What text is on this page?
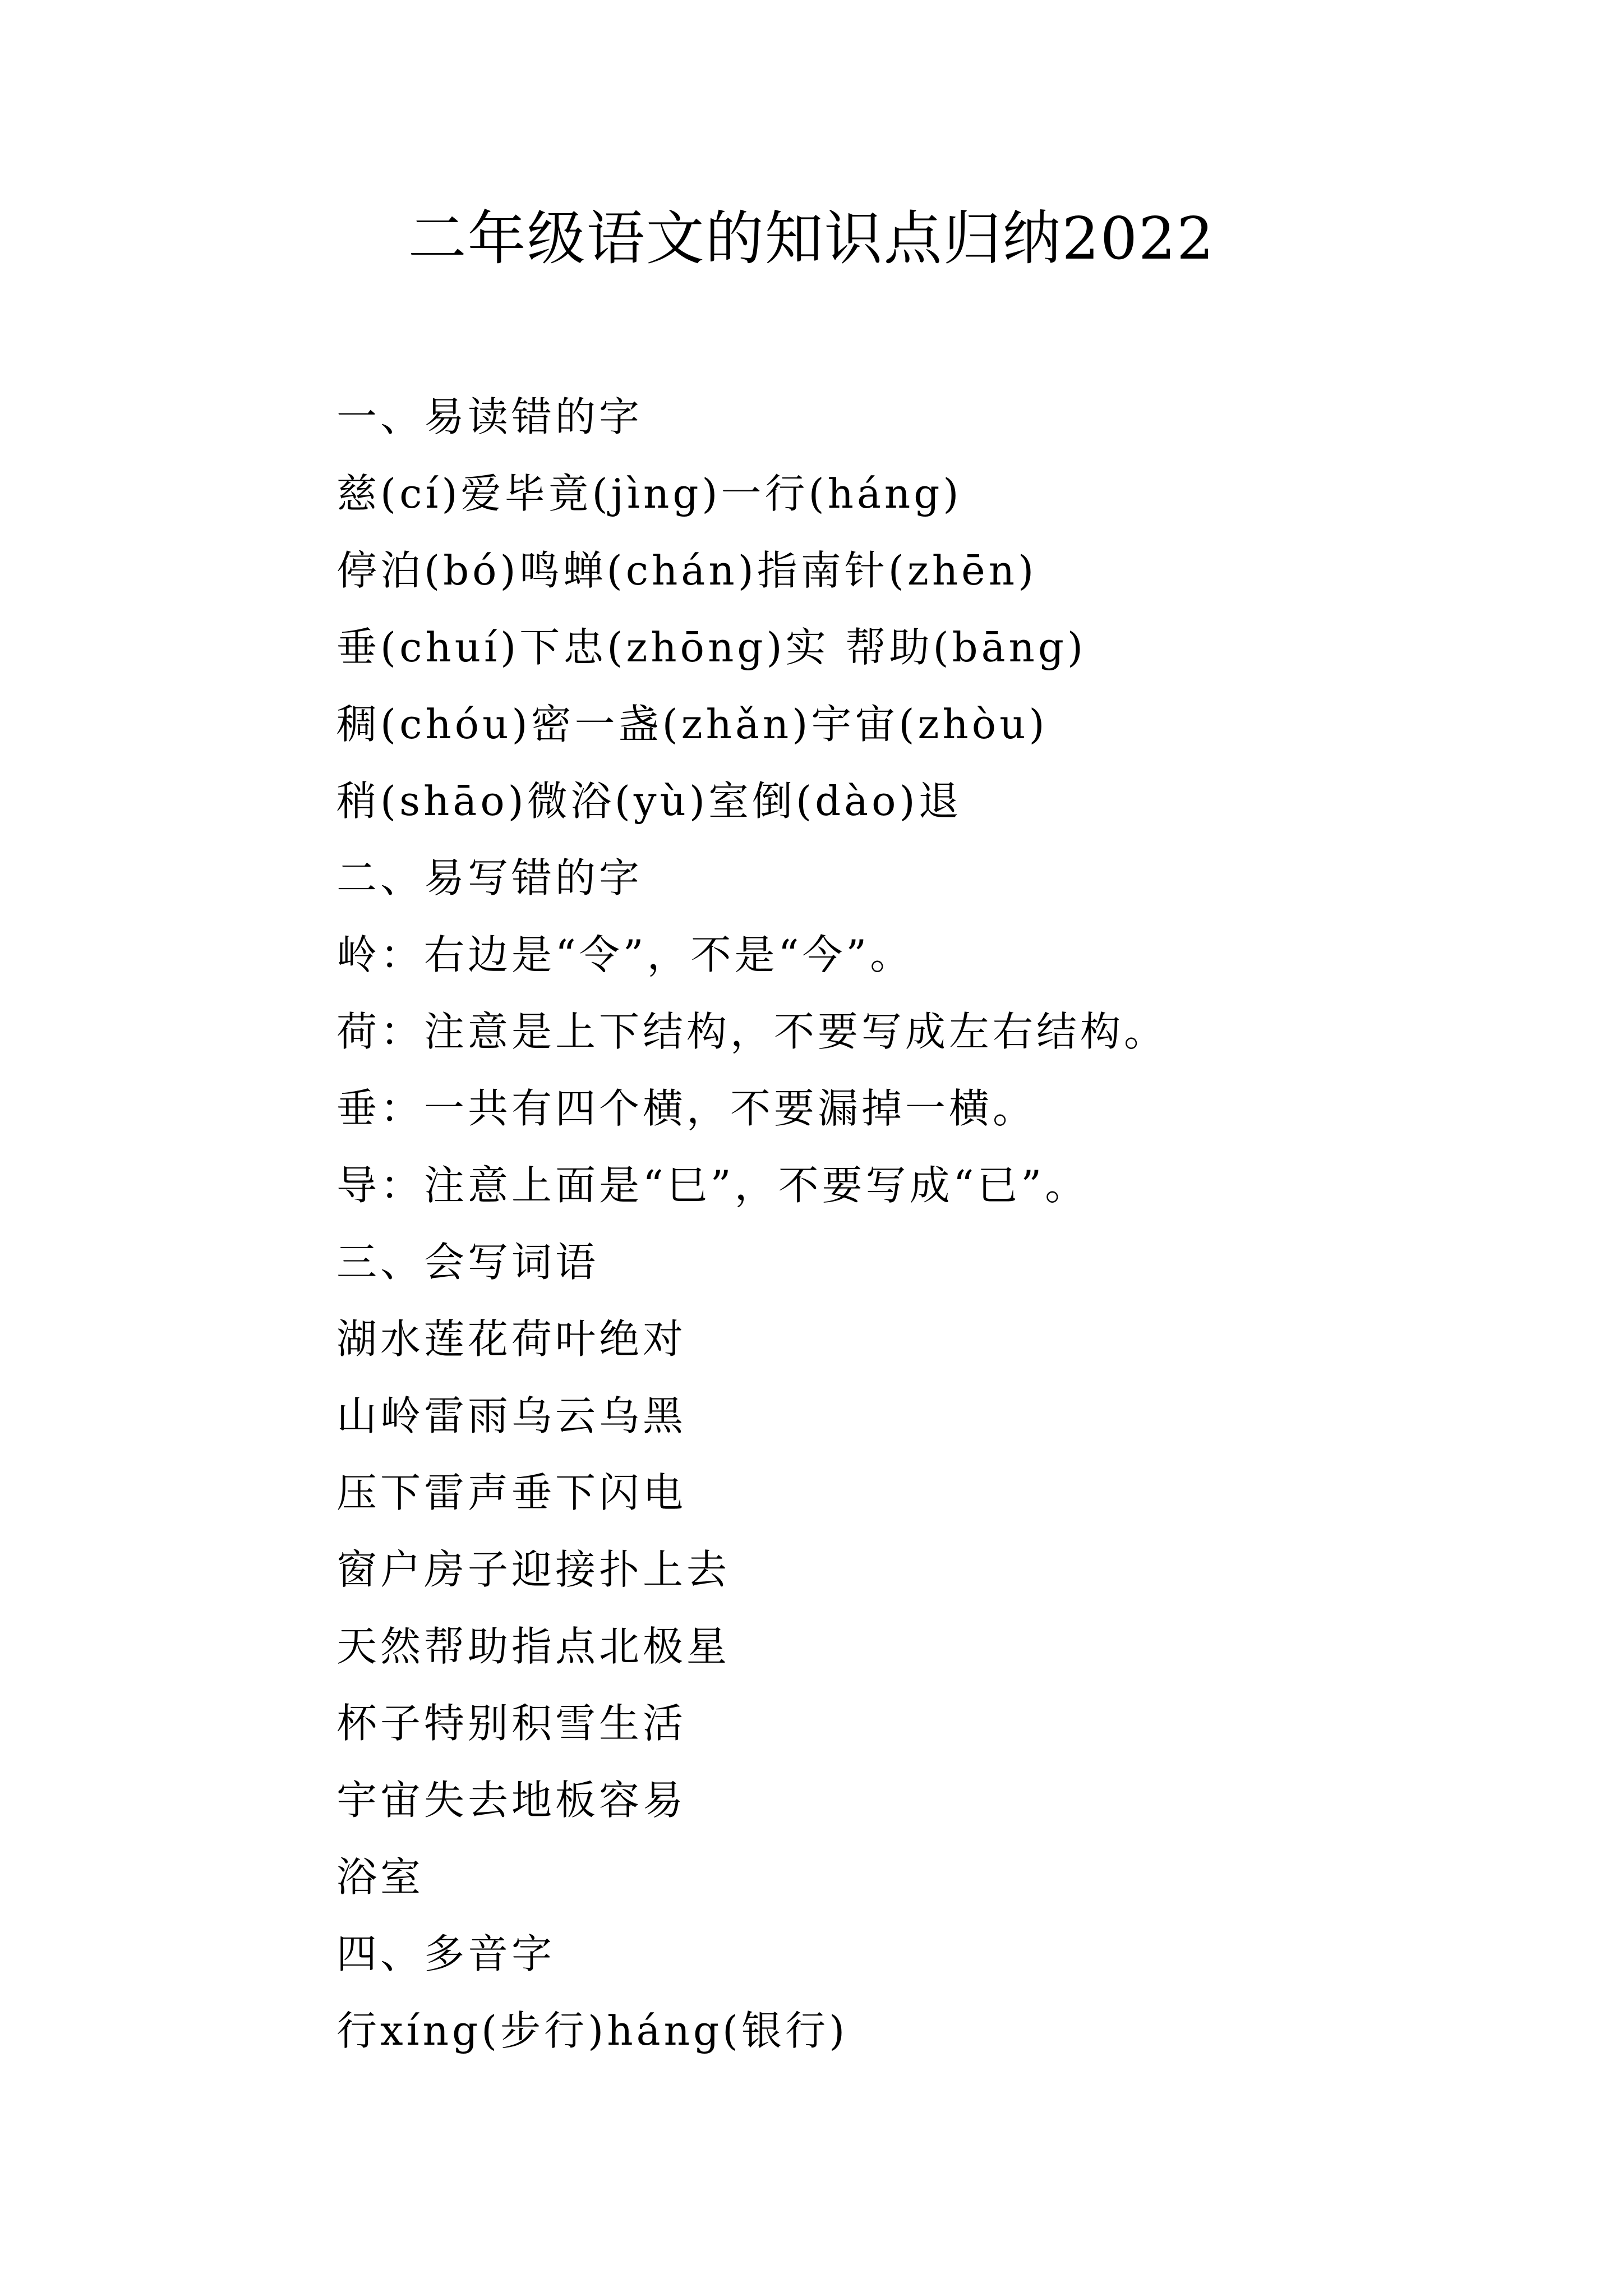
二年级语文的知识点归纳2022
一、易读错的字
慈(cí)爱毕竟(jìng)一行(háng)
停泊(bó)鸣蝉(chán)指南针(zhēn)
垂(chuí)下忠(zhōng)实 帮助(bāng)
稠(chóu)密一盏(zhǎn)宇宙(zhòu)
稍(shāo)微浴(yù)室倒(dào)退
二、易写错的字
岭：右边是“令”，不是“今”。
荷：注意是上下结构，不要写成左右结构。
垂：一共有四个横，不要漏掉一横。
导：注意上面是“巳”，不要写成“已”。
三、会写词语
湖水莲花荷叶绝对
山岭雷雨乌云乌黑
压下雷声垂下闪电
窗户房子迎接扑上去
天然帮助指点北极星
杯子特别积雪生活
宇宙失去地板容易
浴室
四、多音字
行xíng(步行)háng(银行)
